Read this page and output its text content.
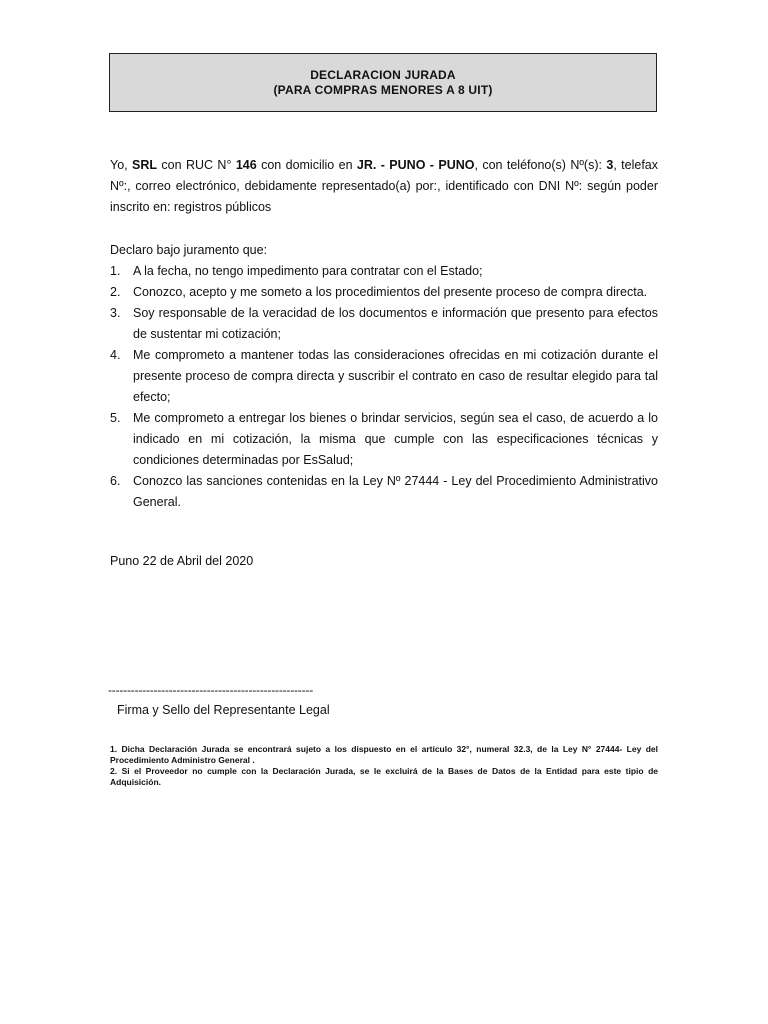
DECLARACION JURADA
(PARA COMPRAS MENORES A 8 UIT)

Yo, SRL con RUC N° 146 con domicilio en JR. - PUNO - PUNO, con teléfono(s) Nº(s): 3, telefax Nº:, correo electrónico, debidamente representado(a) por:, identificado con DNI Nº: según poder inscrito en: registros públicos

Declaro bajo juramento que:

1. A la fecha, no tengo impedimento para contratar con el Estado;
2. Conozco, acepto y me someto a los procedimientos del presente proceso de compra directa.
3. Soy responsable de la veracidad de los documentos e información que presento para efectos de sustentar mi cotización;
4. Me comprometo a mantener todas las consideraciones ofrecidas en mi cotización durante el presente proceso de compra directa y suscribir el contrato en caso de resultar elegido para tal efecto;
5. Me comprometo a entregar los bienes o brindar servicios, según sea el caso, de acuerdo a lo indicado en mi cotización, la misma que cumple con las especificaciones técnicas y condiciones determinadas por EsSalud;
6. Conozco las sanciones contenidas en la Ley Nº 27444 - Ley del Procedimiento Administrativo General.
Puno 22 de Abril del 2020
------------------------------------------------------
Firma y Sello del Representante Legal

1. Dicha Declaración Jurada se encontrará sujeto a los dispuesto en el artículo 32°, numeral 32.3, de la Ley N° 27444- Ley del Procedimiento Administro General .

2. Si el Proveedor no cumple con la Declaración Jurada, se le excluirá de la Bases de Datos de la Entidad para este tipio de Adquisición.
